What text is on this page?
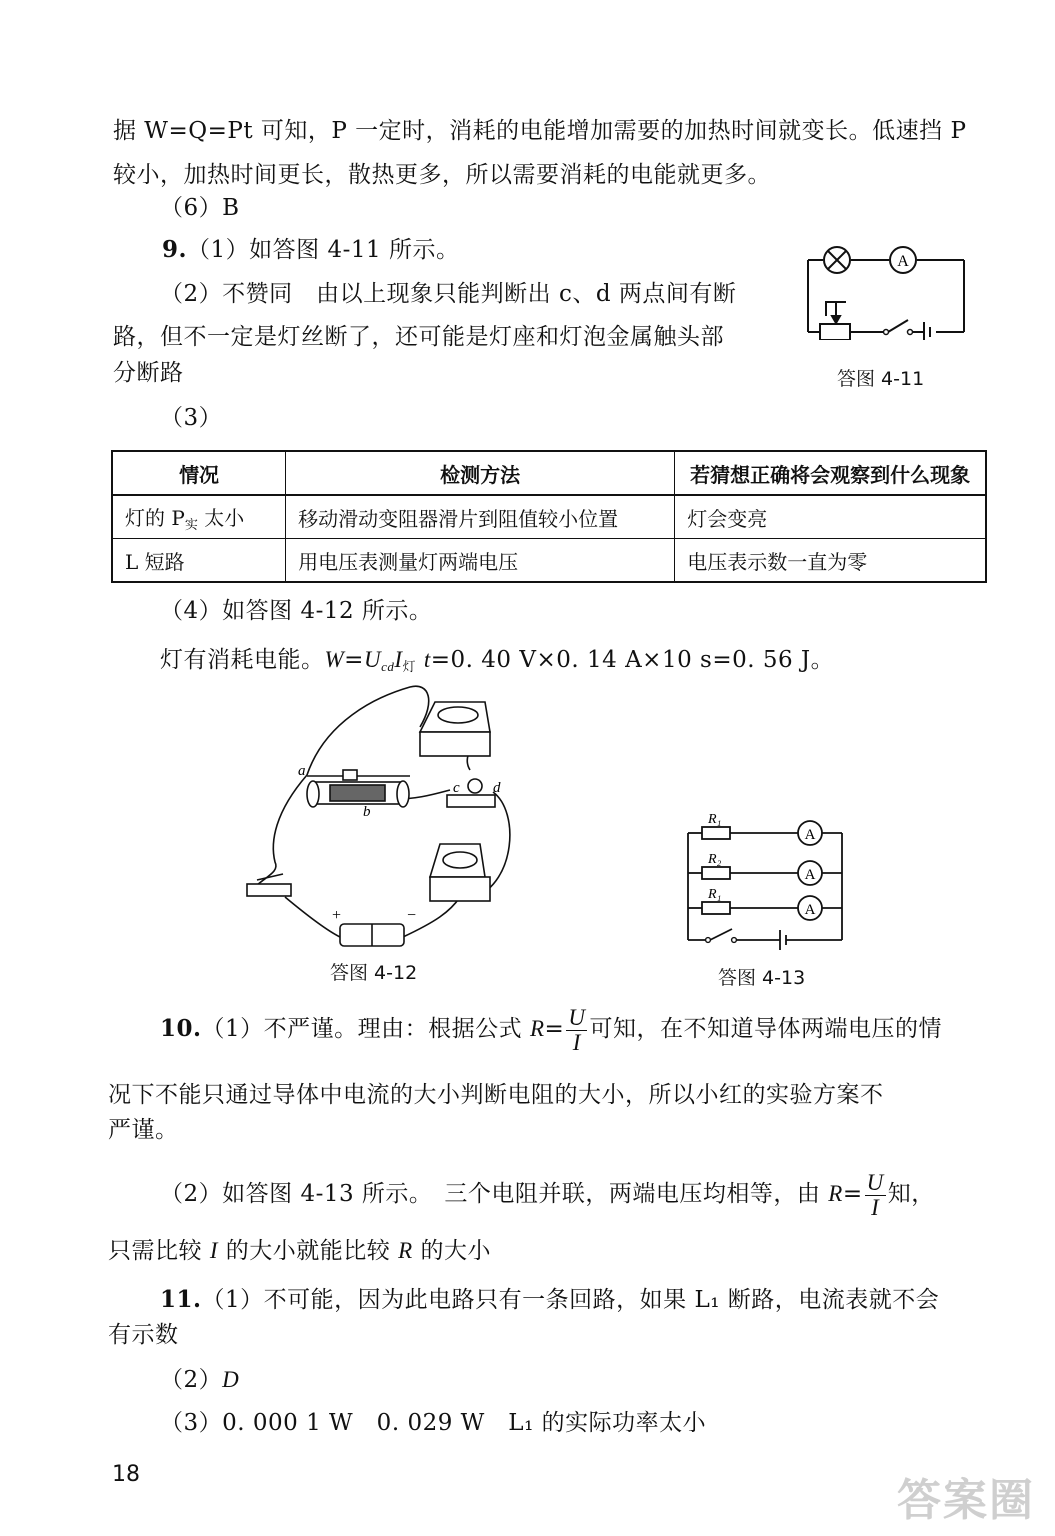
据 W=Q=Pt 可知，P 一定时，消耗的电能增加需要的加热时间就变长。低速挡 P
较小，加热时间更长，散热更多，所以需要消耗的电能就更多。
（6）B
9.（1）如答图 4-11 所示。
（2）不赞同　由以上现象只能判断出 c、d 两点间有断
路，但不一定是灯丝断了，还可能是灯座和灯泡金属触头部
分断路
（3）
A
答图 4-11
情况	检测方法	若猜想正确将会观察到什么现象
灯的 $P_实$ 太小	移动滑动变阻器滑片到阻值较小位置	灯会变亮
L 短路	用电压表测量灯两端电压	电压表示数一直为零
（4）如答图 4-12 所示。
灯有消耗电能。$W=U_{cd}I_灯$ t=0. 40 V×0. 14 A×10 s=0. 56 J。
a
b
c d
+	−
答图 4-12
R₁
R₂
R₁
A
A
A
答图 4-13
10.（1）不严谨。理由：根据公式 $R= \frac{U}{I}$ 可知，在不知道导体两端电压的情
况下不能只通过导体中电流的大小判断电阻的大小，所以小红的实验方案不
严谨。
（2）如答图 4-13 所示。　三个电阻并联，两端电压均相等，由 $R= \frac{U}{I}$ 知，
只需比较 I 的大小就能比较 R 的大小
11.（1）不可能，因为此电路只有一条回路，如果 L₁ 断路，电流表就不会
有示数
（2）D
（3）0. 000 1 W　0. 029 W　L₁ 的实际功率太小
18
答案圈
